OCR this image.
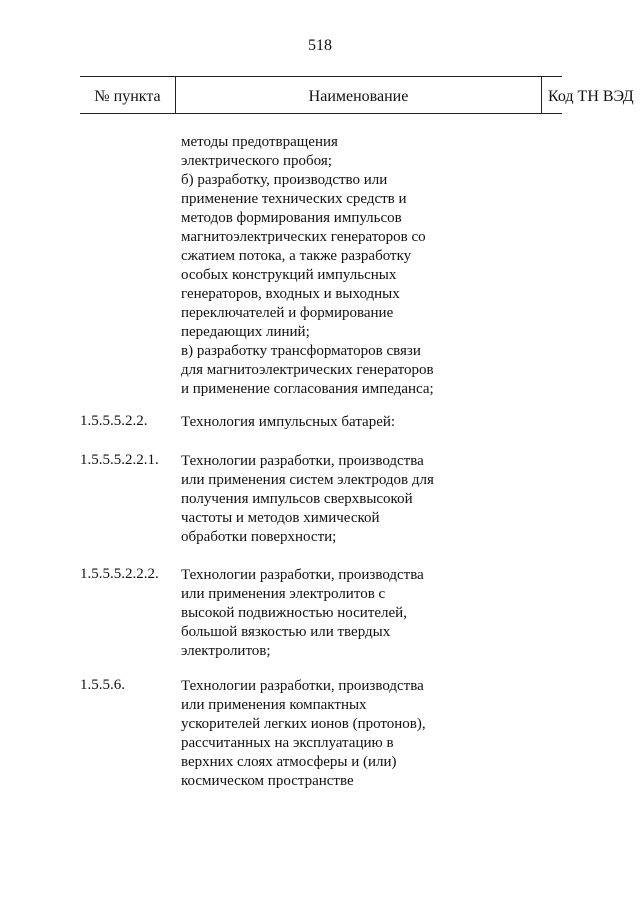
518
№ пункта	Наименование	Код ТН ВЭД
методы предотвращения
электрического пробоя;
б) разработку, производство или
применение технических средств и
методов формирования импульсов
магнитоэлектрических генераторов со
сжатием потока, а также разработку
особых конструкций импульсных
генераторов, входных и выходных
переключателей и формирование
передающих линий;
в) разработку трансформаторов связи
для магнитоэлектрических генераторов
и применение согласования импеданса;
1.5.5.5.2.2. Технология импульсных батарей:
1.5.5.5.2.2.1. Технологии разработки, производства
или применения систем электродов для
получения импульсов сверхвысокой
частоты и методов химической
обработки поверхности;
1.5.5.5.2.2.2. Технологии разработки, производства
или применения электролитов с
высокой подвижностью носителей,
большой вязкостью или твердых
электролитов;
1.5.5.6.	Технологии разработки, производства
или применения компактных
ускорителей легких ионов (протонов),
рассчитанных на эксплуатацию в
верхних слоях атмосферы и (или)
космическом пространстве
